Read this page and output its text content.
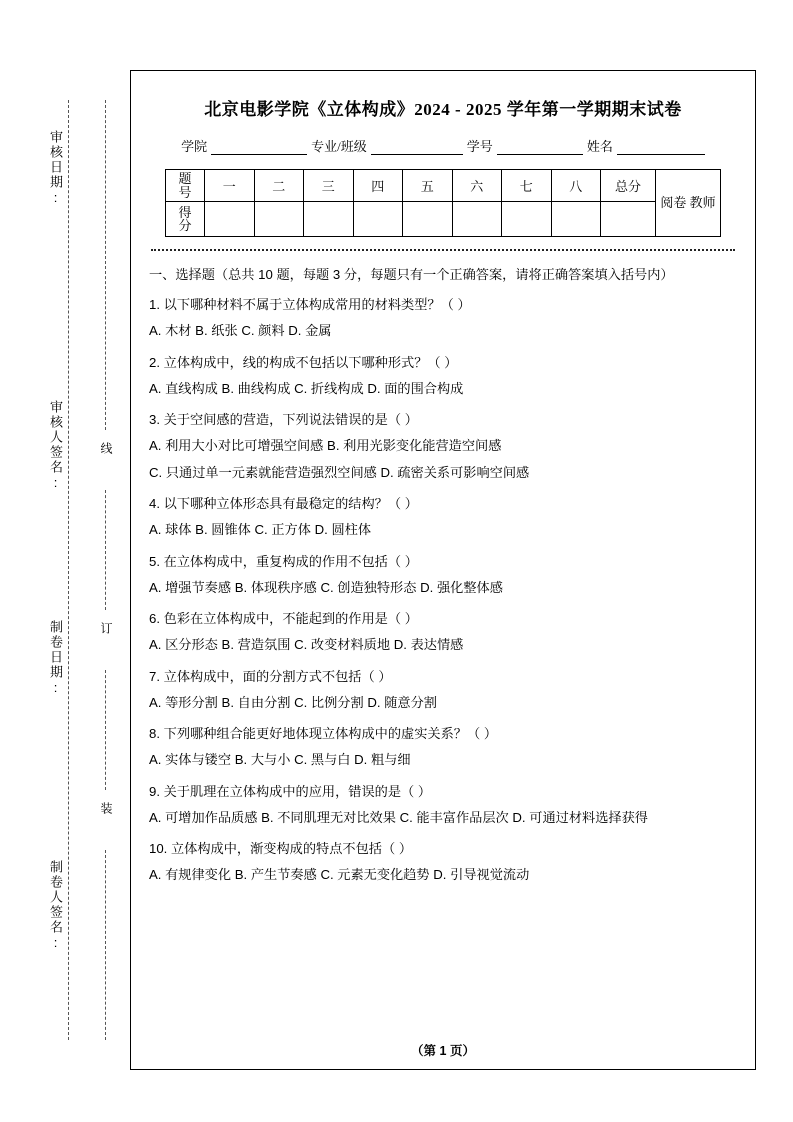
审核日期:
审核人签名:
制卷日期:
制卷人签名:
线
订
装
北京电影学院《立体构成》2024 - 2025 学年第一学期期末试卷
学院	专业/班级	学号	姓名
题
号	一	二	三	四	五	六	七	八	总分	阅卷 教师

得
分										

一、选择题（总共 10 题，每题 3 分，每题只有一个正确答案，请将正确答案填入括号内）
1. 以下哪种材料不属于立体构成常用的材料类型？（ ）
A. 木材 B. 纸张 C. 颜料 D. 金属
2. 立体构成中，线的构成不包括以下哪种形式？（ ）
A. 直线构成 B. 曲线构成 C. 折线构成 D. 面的围合构成
3. 关于空间感的营造，下列说法错误的是（ ）
A. 利用大小对比可增强空间感 B. 利用光影变化能营造空间感
C. 只通过单一元素就能营造强烈空间感 D. 疏密关系可影响空间感
4. 以下哪种立体形态具有最稳定的结构？（ ）
A. 球体 B. 圆锥体 C. 正方体 D. 圆柱体
5. 在立体构成中，重复构成的作用不包括（ ）
A. 增强节奏感 B. 体现秩序感 C. 创造独特形态 D. 强化整体感
6. 色彩在立体构成中，不能起到的作用是（ ）
A. 区分形态 B. 营造氛围 C. 改变材料质地 D. 表达情感
7. 立体构成中，面的分割方式不包括（ ）
A. 等形分割 B. 自由分割 C. 比例分割 D. 随意分割
8. 下列哪种组合能更好地体现立体构成中的虚实关系？（ ）
A. 实体与镂空 B. 大与小 C. 黑与白 D. 粗与细
9. 关于肌理在立体构成中的应用，错误的是（ ）
A. 可增加作品质感 B. 不同肌理无对比效果 C. 能丰富作品层次 D. 可通过材料选择获得
10. 立体构成中，渐变构成的特点不包括（ ）
A. 有规律变化 B. 产生节奏感 C. 元素无变化趋势 D. 引导视觉流动
（第 1 页）
